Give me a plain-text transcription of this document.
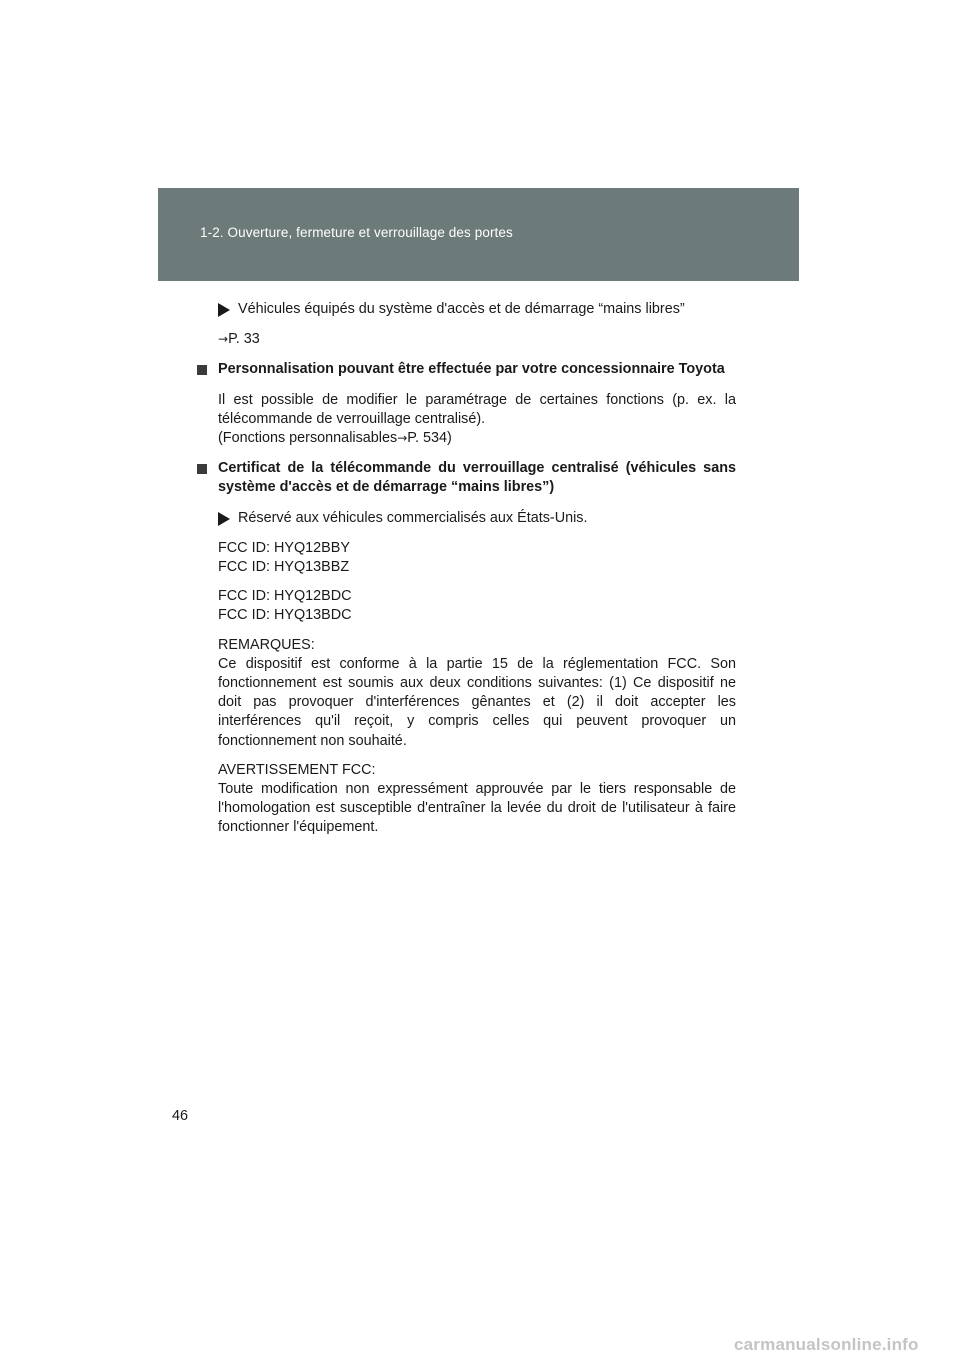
1-2. Ouverture, fermeture et verrouillage des portes
Véhicules équipés du système d'accès et de démarrage “mains libres”

→P. 33

Personnalisation pouvant être effectuée par votre concessionnaire Toyota

Il est possible de modifier le paramétrage de certaines fonctions (p. ex. la télécommande de verrouillage centralisé).

(Fonctions personnalisables→P. 534)

Certificat de la télécommande du verrouillage centralisé (véhicules sans système d'accès et de démarrage “mains libres”)
Réservé aux véhicules commercialisés aux États-Unis.

FCC ID: HYQ12BBY

FCC ID: HYQ13BBZ

FCC ID: HYQ12BDC

FCC ID: HYQ13BDC

REMARQUES:

Ce dispositif est conforme à la partie 15 de la réglementation FCC. Son fonctionnement est soumis aux deux conditions suivantes: (1) Ce dispositif ne doit pas provoquer d'interférences gênantes et (2) il doit accepter les interférences qu'il reçoit, y compris celles qui peuvent provoquer un fonctionnement non souhaité.

AVERTISSEMENT FCC:

Toute modification non expressément approuvée par le tiers responsable de l'homologation est susceptible d'entraîner la levée du droit de l'utilisateur à faire fonctionner l'équipement.

46
carmanualsonline.info
